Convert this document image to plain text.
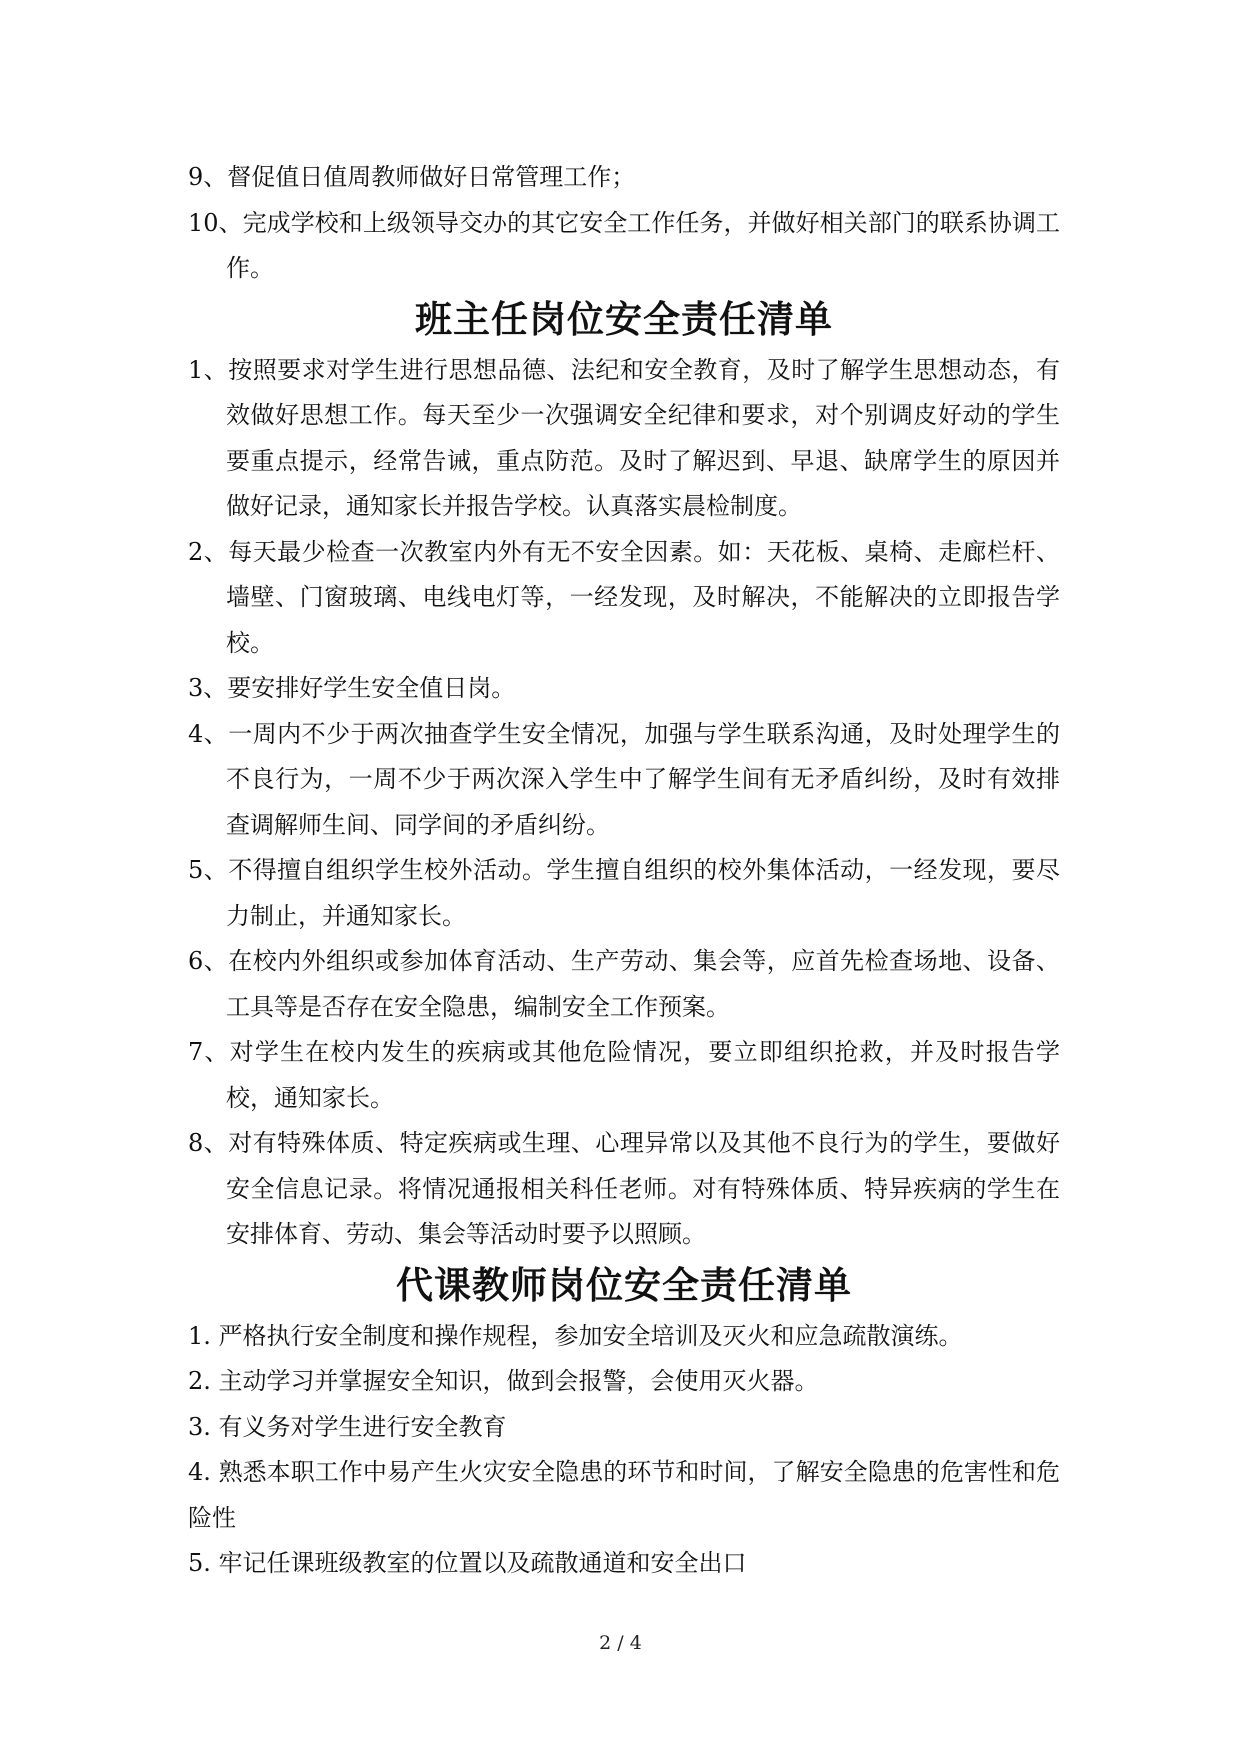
9、督促值日值周教师做好日常管理工作；

10、完成学校和上级领导交办的其它安全工作任务，并做好相关部门的联系协调工作。

班主任岗位安全责任清单

1、按照要求对学生进行思想品德、法纪和安全教育，及时了解学生思想动态，有效做好思想工作。每天至少一次强调安全纪律和要求，对个别调皮好动的学生要重点提示，经常告诫，重点防范。及时了解迟到、早退、缺席学生的原因并做好记录，通知家长并报告学校。认真落实晨检制度。

2、每天最少检查一次教室内外有无不安全因素。如：天花板、桌椅、走廊栏杆、墙壁、门窗玻璃、电线电灯等，一经发现，及时解决，不能解决的立即报告学校。

3、要安排好学生安全值日岗。

4、一周内不少于两次抽查学生安全情况，加强与学生联系沟通，及时处理学生的不良行为，一周不少于两次深入学生中了解学生间有无矛盾纠纷，及时有效排查调解师生间、同学间的矛盾纠纷。

5、不得擅自组织学生校外活动。学生擅自组织的校外集体活动，一经发现，要尽力制止，并通知家长。

6、在校内外组织或参加体育活动、生产劳动、集会等，应首先检查场地、设备、工具等是否存在安全隐患，编制安全工作预案。

7、对学生在校内发生的疾病或其他危险情况，要立即组织抢救，并及时报告学校，通知家长。

8、对有特殊体质、特定疾病或生理、心理异常以及其他不良行为的学生，要做好安全信息记录。将情况通报相关科任老师。对有特殊体质、特异疾病的学生在安排体育、劳动、集会等活动时要予以照顾。

代课教师岗位安全责任清单

1. 严格执行安全制度和操作规程，参加安全培训及灭火和应急疏散演练。

2. 主动学习并掌握安全知识，做到会报警，会使用灭火器。

3. 有义务对学生进行安全教育

4. 熟悉本职工作中易产生火灾安全隐患的环节和时间，了解安全隐患的危害性和危险性

5. 牢记任课班级教室的位置以及疏散通道和安全出口

2 / 4
